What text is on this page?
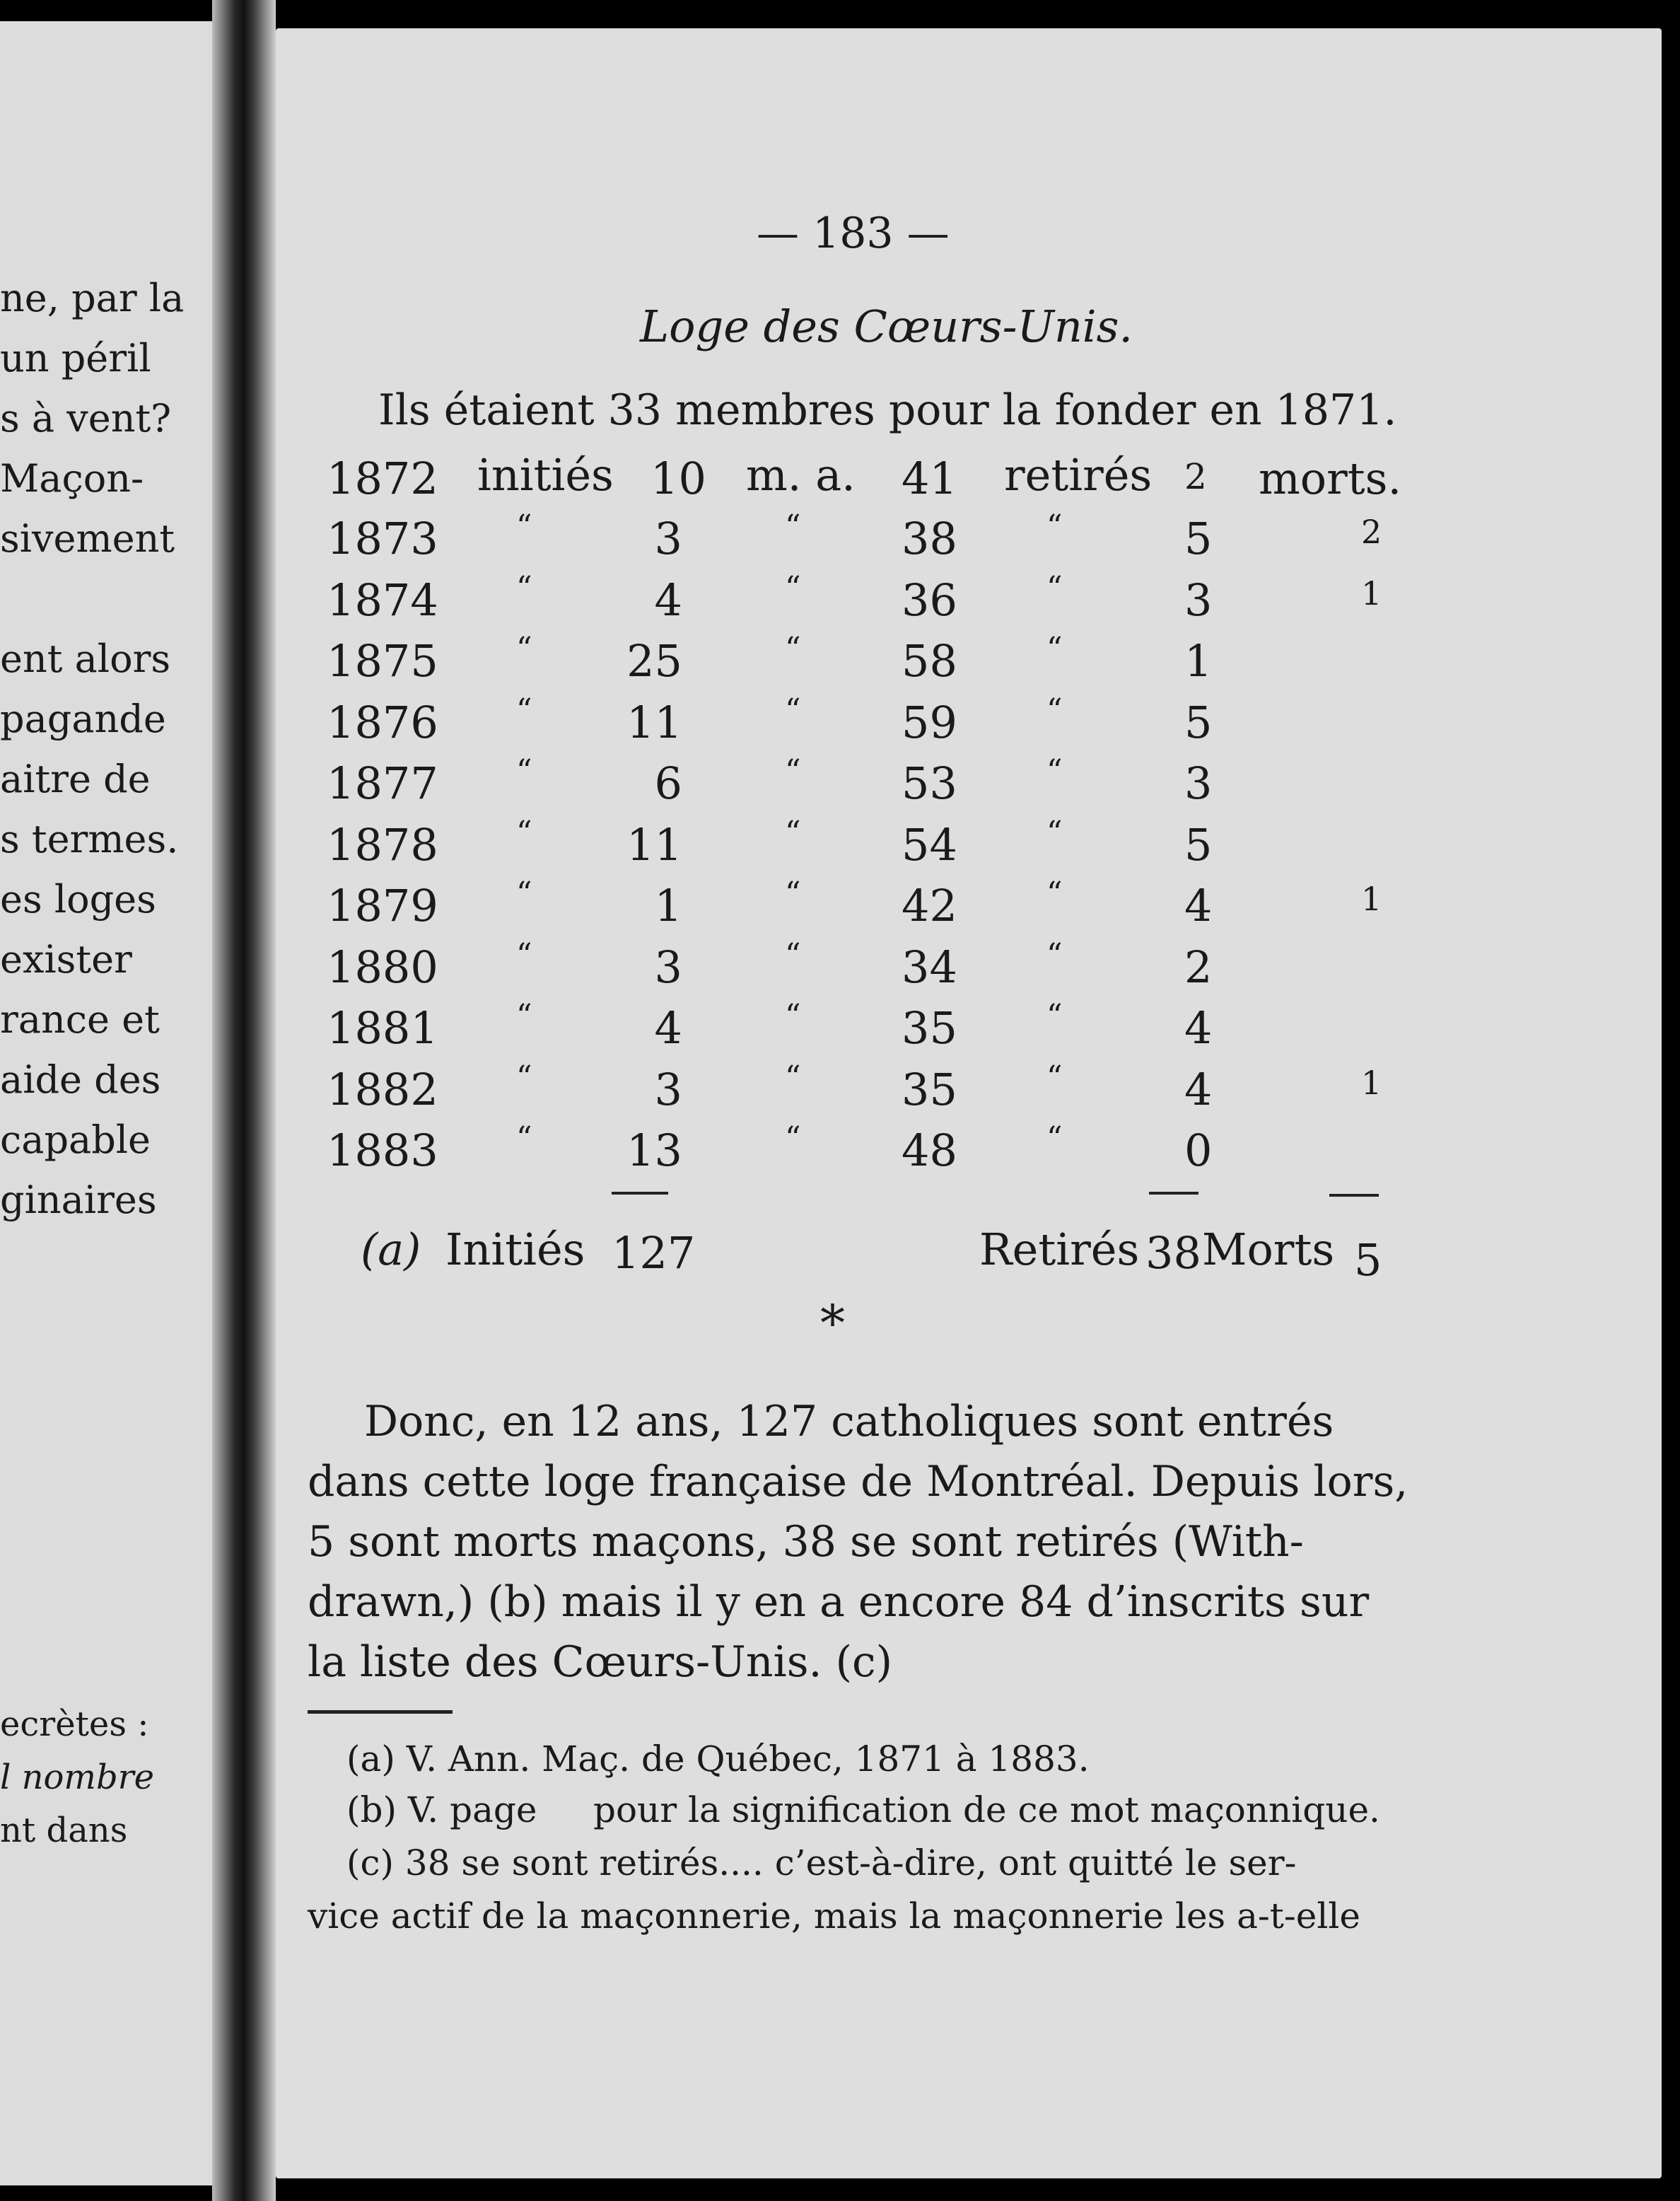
ne, par la
un péril
s à vent?
Maçon-
sivement
ent alors
pagande
aitre de
s termes.
es loges
exister
rance et
aide des
capable
ginaires
ecrètes :
l nombre
nt dans
— 183 —
Loge des Cœurs-Unis.
Ils étaient 33 membres pour la fonder en 1871.
1872 initiés 10 m. a. 41 retirés 2 morts.
1873	“	3	“ 38	“	5	2
1874	“	4	“ 36	“	3	1
1875	“ 25	“ 58	“	1
1876	“ 11	“ 59	“	5
1877	“	6	“ 53	“	3
1878	“ 11	“ 54	“	5
1879	“	1	“ 42	“	4	1
1880	“	3	“ 34	“	2
1881	“	4	“ 35	“	4
1882	“	3	“ 35	“	4	1
1883	“ 13	“ 48	“	0
(a) Initiés 127	Retirés 38 Morts 5
*
Donc, en 12 ans, 127 catholiques sont entrés
dans cette loge française de Montréal. Depuis lors,
5 sont morts maçons, 38 se sont retirés (With-
drawn,) (b) mais il y en a encore 84 d’inscrits sur
la liste des Cœurs-Unis. (c)
(a) V. Ann. Maç. de Québec, 1871 à 1883.
(b) V. page     pour la signification de ce mot maçonnique.
(c) 38 se sont retirés.... c’est-à-dire, ont quitté le ser-
vice actif de la maçonnerie, mais la maçonnerie les a-t-elle
